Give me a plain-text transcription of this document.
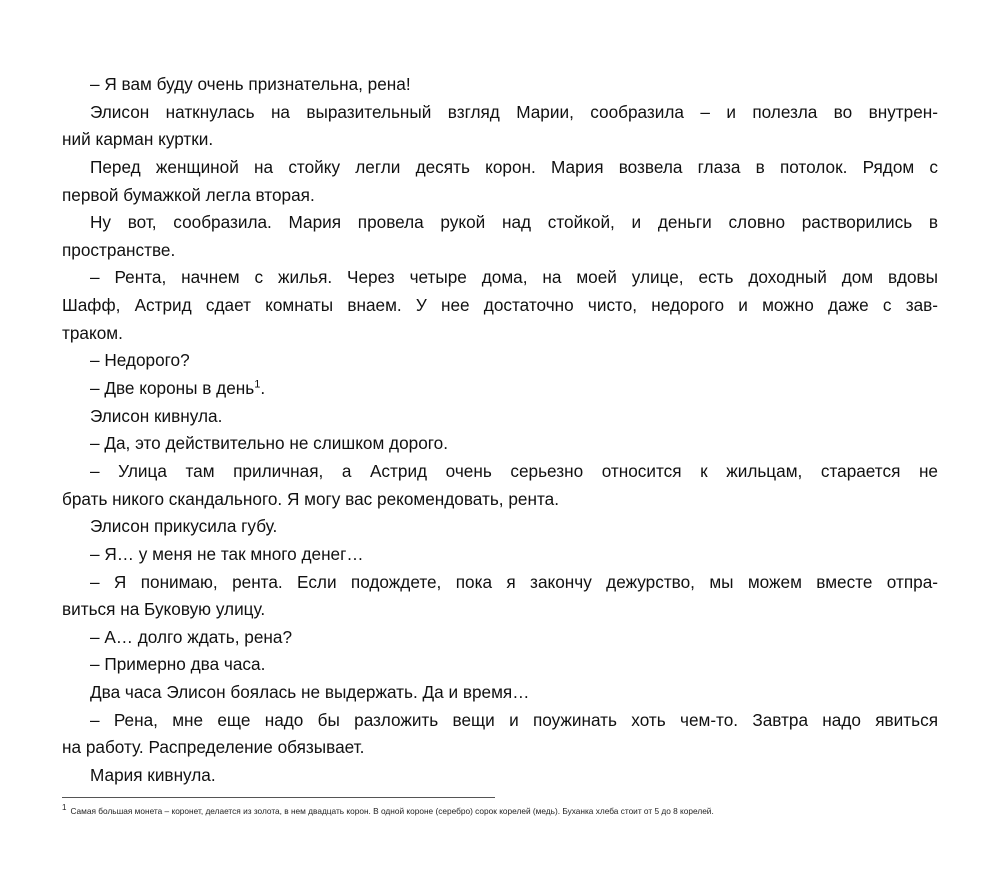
– Я вам буду очень признательна, рена!
Элисон наткнулась на выразительный взгляд Марии, сообразила – и полезла во внутрен-
ний карман куртки.
Перед женщиной на стойку легли десять корон. Мария возвела глаза в потолок. Рядом с
первой бумажкой легла вторая.
Ну вот, сообразила. Мария провела рукой над стойкой, и деньги словно растворились в
пространстве.
– Рента, начнем с жилья. Через четыре дома, на моей улице, есть доходный дом вдовы
Шафф, Астрид сдает комнаты внаем. У нее достаточно чисто, недорого и можно даже с зав-
траком.
– Недорого?
– Две короны в день$^1$.
Элисон кивнула.
– Да, это действительно не слишком дорого.
– Улица там приличная, а Астрид очень серьезно относится к жильцам, старается не
брать никого скандального. Я могу вас рекомендовать, рента.
Элисон прикусила губу.
– Я… у меня не так много денег…
– Я понимаю, рента. Если подождете, пока я закончу дежурство, мы можем вместе отпра-
виться на Буковую улицу.
– А… долго ждать, рена?
– Примерно два часа.
Два часа Элисон боялась не выдержать. Да и время…
– Рена, мне еще надо бы разложить вещи и поужинать хоть чем-то. Завтра надо явиться
на работу. Распределение обязывает.
Мария кивнула.
$^1$ Самая большая монета – коронет, делается из золота, в нем двадцать корон. В одной короне (серебро) сорок корелей (медь). Буханка хлеба стоит от 5 до 8 корелей.
